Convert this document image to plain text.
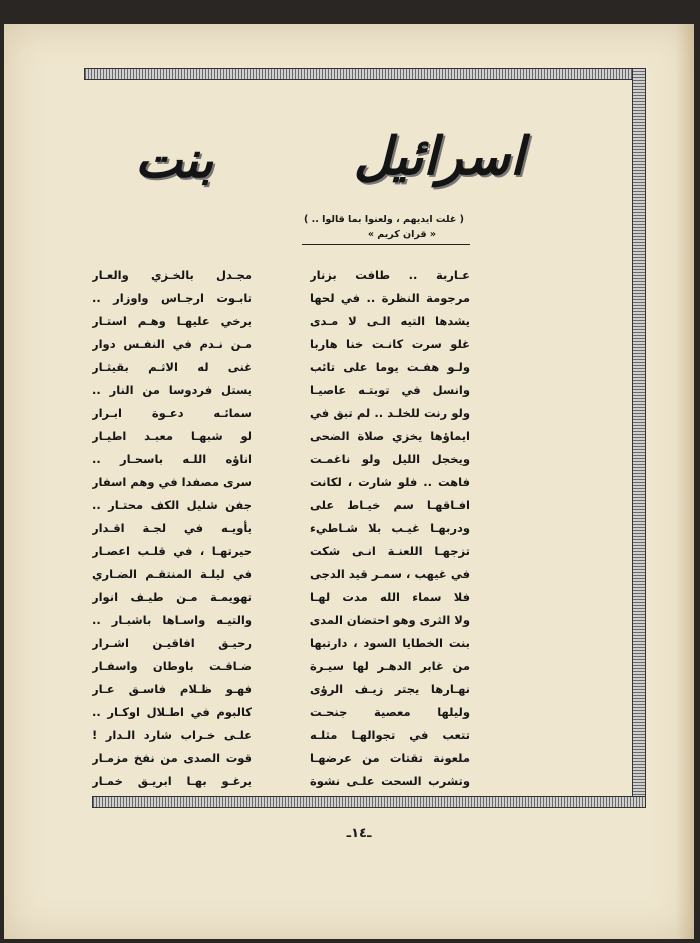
اسرائيل
بنت
( غلت ايديهم ، ولعنوا بما قالوا .. )
« قران كريم »
عـاربة .. طافت بزنار
مرجومة النظرة .. في لحها
يشدها التيه الـى لا مـدى
غلو سرت كانـت خنا هاربا
ولـو هفـت يوما على تائب
وانسل في توبتـه عاصيـا
ولو رنت للخلـد .. لم تبق في
ايماؤها يخزي صلاة الضحى
ويخجل الليل ولو ناغمـت
فاهت .. فلو شارت ، لكانت
افـاقهـا سم خيـاط على
ودربهـا غيـب بلا شـاطيء
تزجهـا اللعنـة انـى شكت
في غيهب ، سمـر قيد الدجى
فلا سماء الله مدت لهـا
ولا الثرى وهو احتضان المدى
بنت الخطايا السود ، دارتبها
من غابر الدهـر لها سيـرة
نهـارها يجتر زيـف الرؤى
وليلها معصية جنحـت
تتعب في تجوالهـا مثلـه
ملعونة تقتات من عرضهـا
وتشرب السحت علـى نشوة
مجـدل بالخـزي والعـار
تابـوت ارجـاس واوزار ..
يرخي عليهـا وهـم استـار
مـن نـدم في النفـس دوار
غنى له الاثـم بقيثـار
يستل فردوسا من النار ..
سمائـه دعـوة ابـرار
لو شبهـا معبـد اطيـار
اناؤه اللـه باسحـار ..
سرى مصفدا في وهم اسفار
جفن شليل الكف محتـار ..
يأويـه في لجـة اقـدار
حيرتهـا ، في قلـب اعصـار
في ليلـة المنتقـم الضـاري
تهويمـة مـن طيـف انوار
والتيـه واسـاها باشبـار ..
رحيـق افاقيـن اشـرار
ضـاقـت باوطان واسفـار
فهـو ظـلام فاسـق عـار
كالبوم في اطـلال اوكـار ..
علـى خـراب شارد الـدار !
قوت الصدى من نفخ مزمـار
يرغـو بهـا ابريـق خمـار
ـ١٤ـ
